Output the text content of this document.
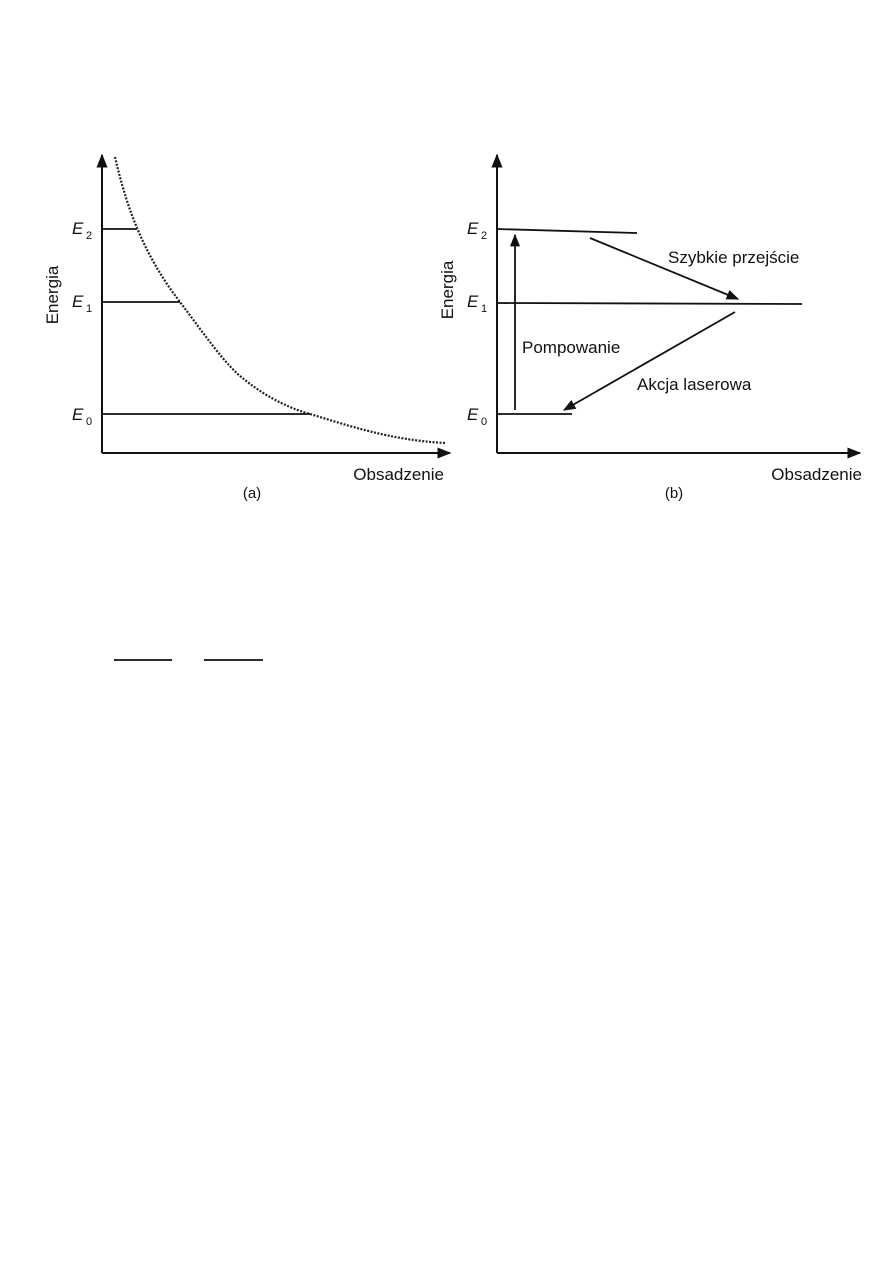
Energia
Obsadzenie
(a)
E 2
E 1
E 0
Energia
Obsadzenie
(b)
Szybkie przejście
Pompowanie
Akcja laserowa
E 2
E 1
E 0
